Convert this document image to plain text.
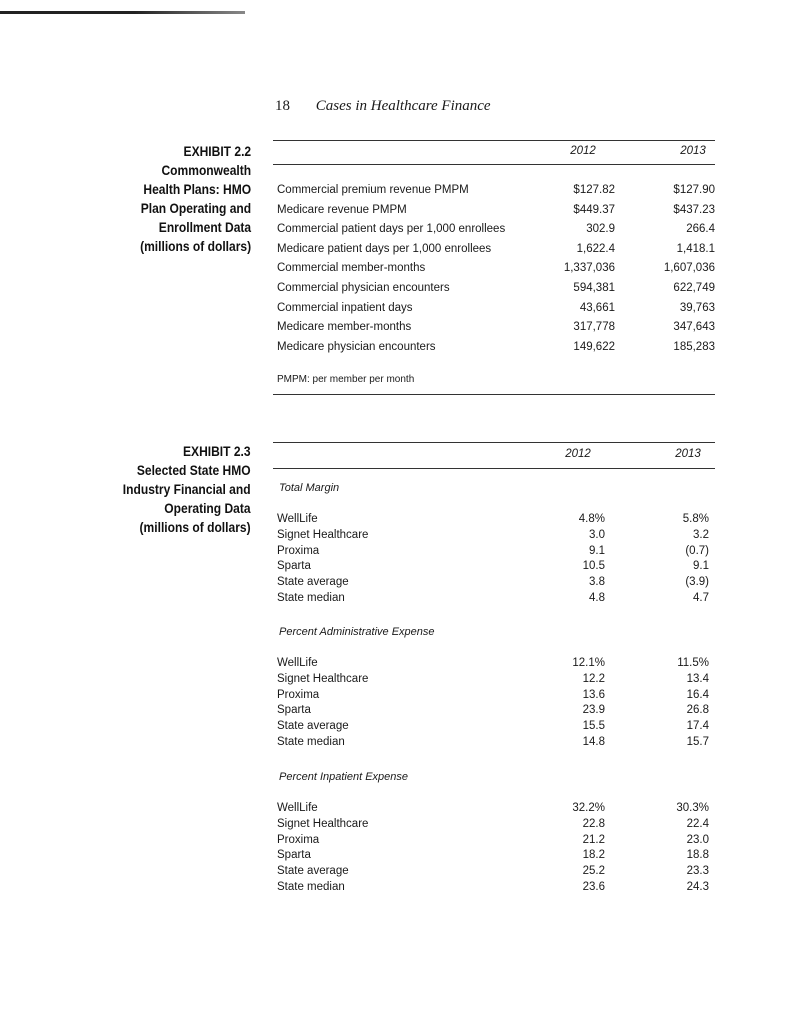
18 Cases in Healthcare Finance
EXHIBIT 2.2
Commonwealth
Health Plans: HMO
Plan Operating and
Enrollment Data
(millions of dollars)
2012	2013
Commercial premium revenue PMPM	$127.82	$127.90
Medicare revenue PMPM	$449.37	$437.23
Commercial patient days per 1,000 enrollees	302.9	266.4
Medicare patient days per 1,000 enrollees	1,622.4	1,418.1
Commercial member-months	1,337,036	1,607,036
Commercial physician encounters	594,381	622,749
Commercial inpatient days	43,661	39,763
Medicare member-months	317,778	347,643
Medicare physician encounters	149,622	185,283
PMPM: per member per month
EXHIBIT 2.3
Selected State HMO
Industry Financial and
Operating Data
(millions of dollars)
2012	2013
Total Margin
WellLife	4.8%	5.8%
Signet Healthcare	3.0	3.2
Proxima	9.1	(0.7)
Sparta	10.5	9.1
State average	3.8	(3.9)
State median	4.8	4.7
Percent Administrative Expense
WellLife	12.1%	11.5%
Signet Healthcare	12.2	13.4
Proxima	13.6	16.4
Sparta	23.9	26.8
State average	15.5	17.4
State median	14.8	15.7
Percent Inpatient Expense
WellLife	32.2%	30.3%
Signet Healthcare	22.8	22.4
Proxima	21.2	23.0
Sparta	18.2	18.8
State average	25.2	23.3
State median	23.6	24.3
